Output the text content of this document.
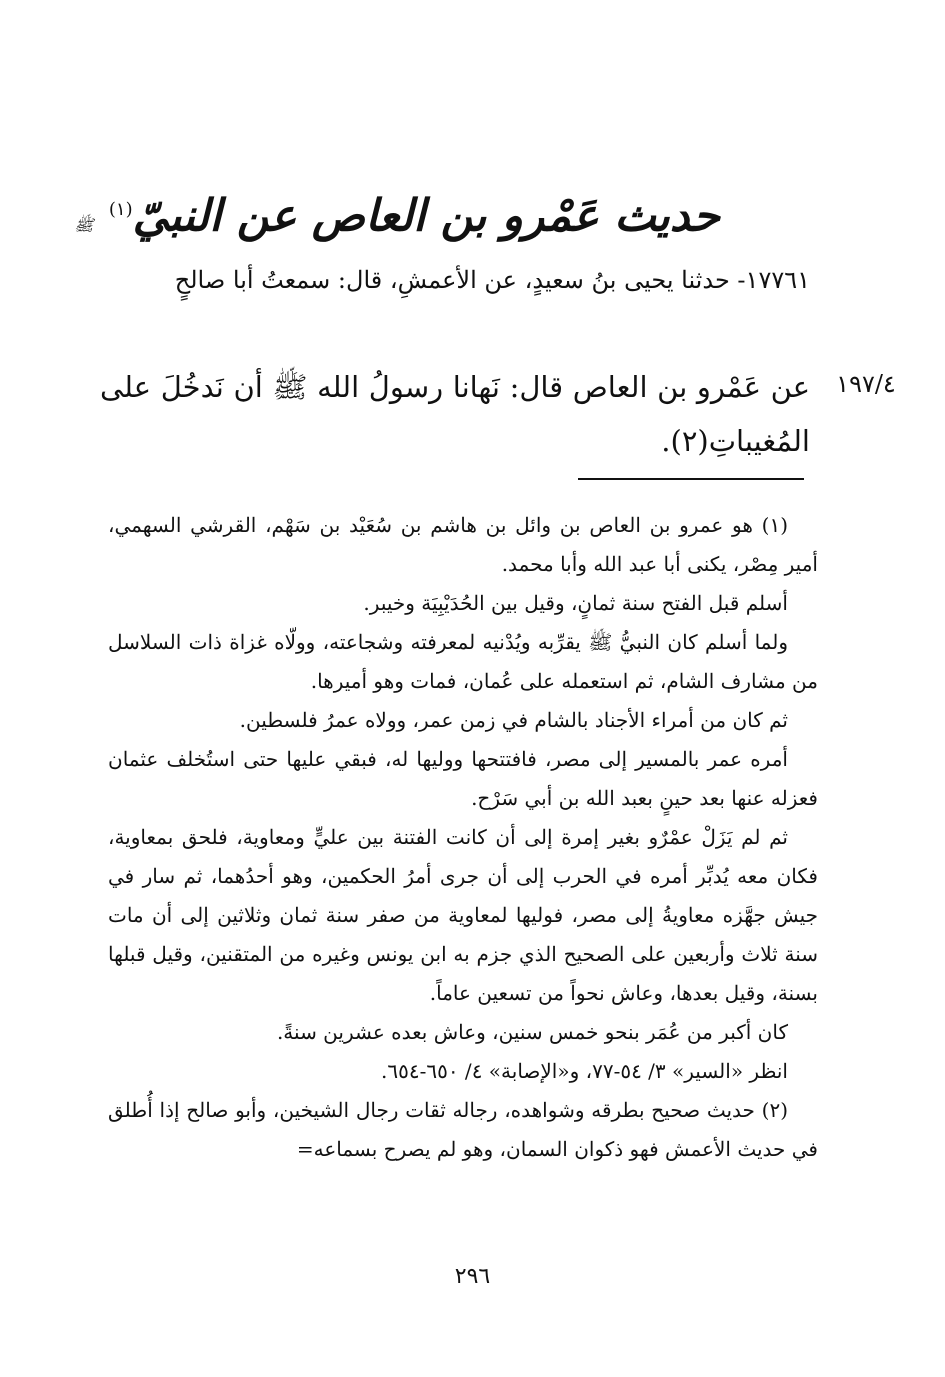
حديث عَمْرو بن العاص عن النبيّ$^{(١)}$ ﷺ
١٧٧٦١- حدثنا يحيى بنُ سعيدٍ، عن الأعمشِ، قال: سمعتُ أبا صالحٍ
١٩٧/٤
عن عَمْرو بن العاص قال: نَهانا رسولُ الله ﷺ أن نَدخُلَ على المُغيباتِ(٢).

(١) هو عمرو بن العاص بن وائل بن هاشم بن سُعَيْد بن سَهْم، القرشي السهمي، أمير مِصْر، يكنى أبا عبد الله وأبا محمد.

أسلم قبل الفتح سنة ثمانٍ، وقيل بين الحُدَيْبِيَة وخيبر.

ولما أسلم كان النبيُّ ﷺ يقرِّبه ويُدْنيه لمعرفته وشجاعته، وولّاه غزاة ذات السلاسل من مشارف الشام، ثم استعمله على عُمان، فمات وهو أميرها.

ثم كان من أمراء الأجناد بالشام في زمن عمر، وولاه عمرُ فلسطين.

أمره عمر بالمسير إلى مصر، فافتتحها ووليها له، فبقي عليها حتى استُخلف عثمان فعزله عنها بعد حينٍ بعبد الله بن أبي سَرْح.

ثم لم يَزَلْ عمْرٌو بغير إمرة إلى أن كانت الفتنة بين عليٍّ ومعاوية، فلحق بمعاوية، فكان معه يُدبِّر أمره في الحرب إلى أن جرى أمرُ الحكمين، وهو أحدُهما، ثم سار في جيش جهَّزه معاويةُ إلى مصر، فوليها لمعاوية من صفر سنة ثمان وثلاثين إلى أن مات سنة ثلاث وأربعين على الصحيح الذي جزم به ابن يونس وغيره من المتقنين، وقيل قبلها بسنة، وقيل بعدها، وعاش نحواً من تسعين عاماً.

كان أكبر من عُمَر بنحو خمس سنين، وعاش بعده عشرين سنةً.

انظر «السير» ٣/ ٥٤-٧٧، و«الإصابة» ٤/ ٦٥٠-٦٥٤.

(٢) حديث صحيح بطرقه وشواهده، رجاله ثقات رجال الشيخين، وأبو صالح إذا أُطلق في حديث الأعمش فهو ذكوان السمان، وهو لم يصرح بسماعه=

٢٩٦
